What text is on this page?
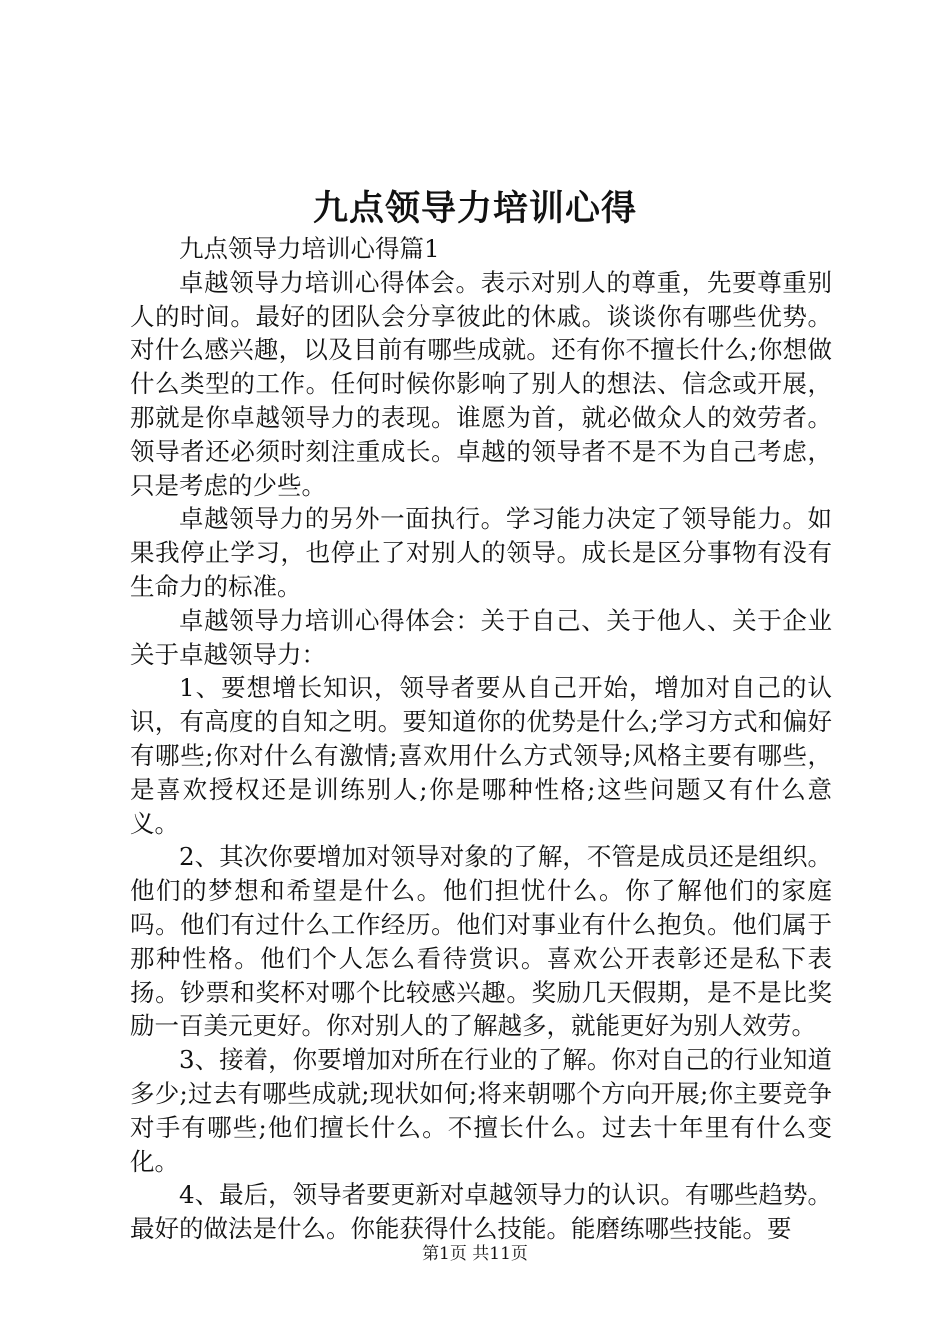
九点领导力培训心得

九点领导力培训心得篇1

卓越领导力培训心得体会。表示对别人的尊重，先要尊重别人的时间。最好的团队会分享彼此的休戚。谈谈你有哪些优势。对什么感兴趣，以及目前有哪些成就。还有你不擅长什么;你想做什么类型的工作。任何时候你影响了别人的想法、信念或开展，那就是你卓越领导力的表现。谁愿为首，就必做众人的效劳者。领导者还必须时刻注重成长。卓越的领导者不是不为自己考虑，只是考虑的少些。

卓越领导力的另外一面执行。学习能力决定了领导能力。如果我停止学习，也停止了对别人的领导。成长是区分事物有没有生命力的标准。

卓越领导力培训心得体会：关于自己、关于他人、关于企业关于卓越领导力：

1、要想增长知识，领导者要从自己开始，增加对自己的认识，有高度的自知之明。要知道你的优势是什么;学习方式和偏好有哪些;你对什么有激情;喜欢用什么方式领导;风格主要有哪些，是喜欢授权还是训练别人;你是哪种性格;这些问题又有什么意义。

2、其次你要增加对领导对象的了解，不管是成员还是组织。他们的梦想和希望是什么。他们担忧什么。你了解他们的家庭吗。他们有过什么工作经历。他们对事业有什么抱负。他们属于那种性格。他们个人怎么看待赏识。喜欢公开表彰还是私下表扬。钞票和奖杯对哪个比较感兴趣。奖励几天假期，是不是比奖励一百美元更好。你对别人的了解越多，就能更好为别人效劳。

3、接着，你要增加对所在行业的了解。你对自己的行业知道多少;过去有哪些成就;现状如何;将来朝哪个方向开展;你主要竞争对手有哪些;他们擅长什么。不擅长什么。过去十年里有什么变化。

4、最后，领导者要更新对卓越领导力的认识。有哪些趋势。最好的做法是什么。你能获得什么技能。能磨练哪些技能。要

第1页 共11页
